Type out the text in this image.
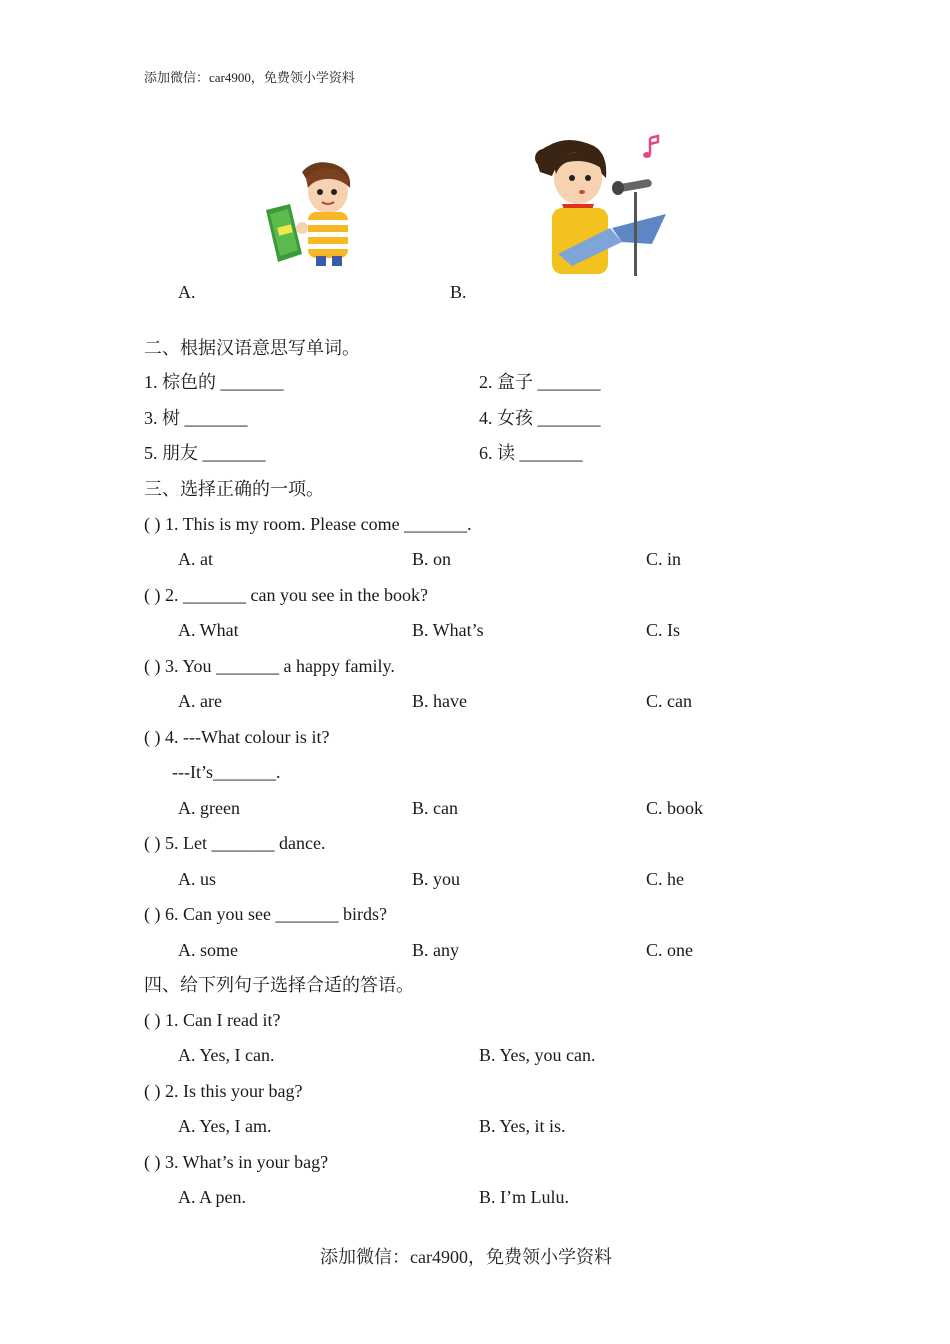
添加微信：car4900，免费领小学资料
A.	B.
二、根据汉语意思写单词。
1. 棕色的 _______	2. 盒子 _______
3. 树 _______	4. 女孩 _______
5. 朋友 _______	6. 读 _______
三、选择正确的一项。
( ) 1. This is my room. Please come _______.
A. at	B. on	C. in
( ) 2. _______ can you see in the book?
A. What	B. What’s	C. Is
( ) 3. You _______ a happy family.
A. are	B. have	C. can
( ) 4. ---What colour is it?
---It’s_______.
A. green	B. can	C. book
( ) 5. Let _______ dance.
A. us	B. you	C. he
( ) 6. Can you see _______ birds?
A. some	B. any	C. one
四、给下列句子选择合适的答语。
( ) 1. Can I read it?
A. Yes, I can.	B. Yes, you can.
( ) 2. Is this your bag?
A. Yes, I am.	B. Yes, it is.
( ) 3. What’s in your bag?
A. A pen.	B. I’m Lulu.
添加微信：car4900，免费领小学资料
